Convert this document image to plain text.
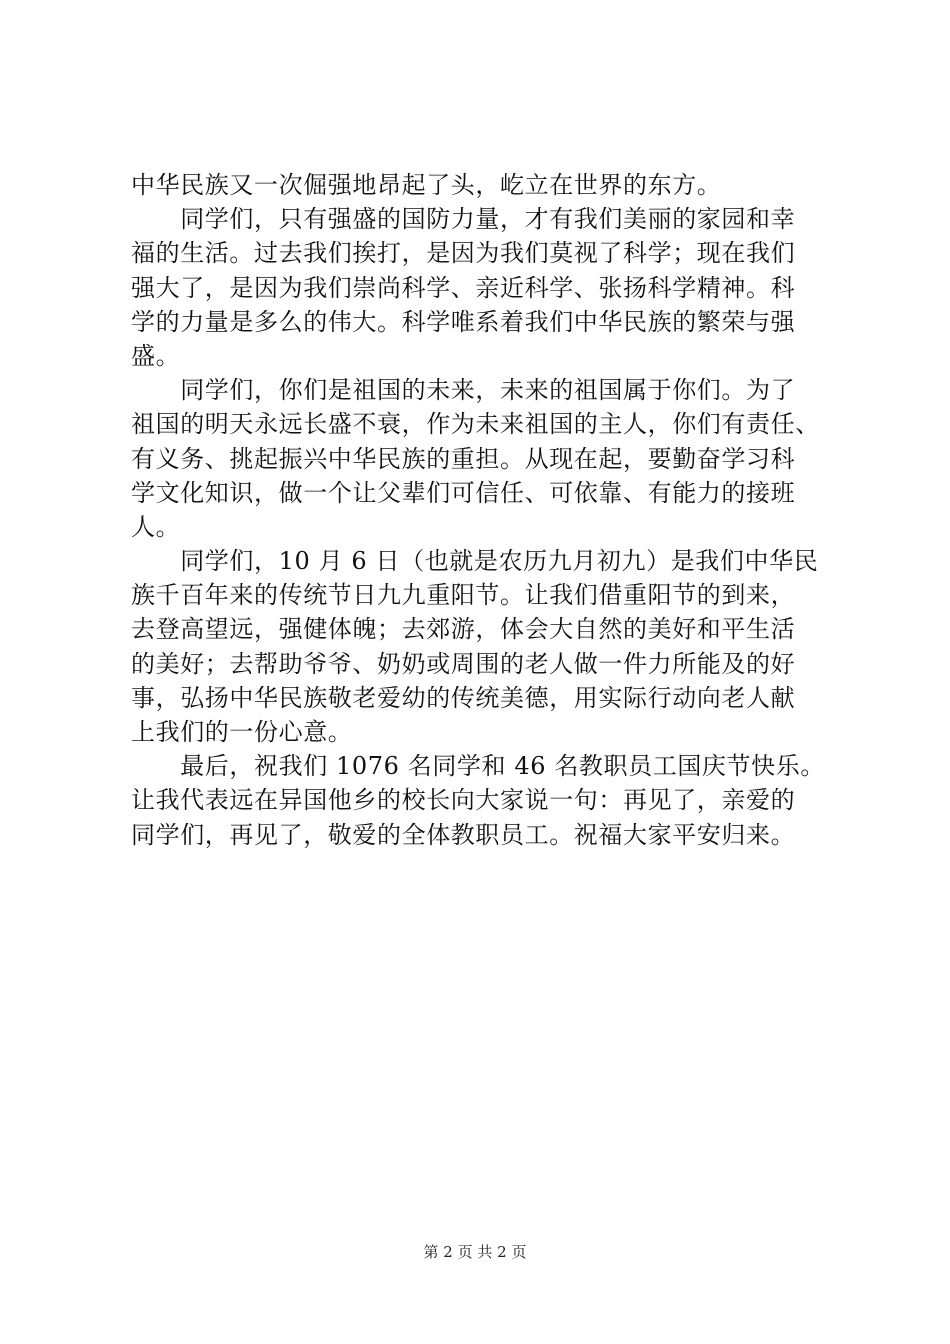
中华民族又一次倔强地昂起了头，屹立在世界的东方。
　　同学们，只有强盛的国防力量，才有我们美丽的家园和幸
福的生活。过去我们挨打，是因为我们莫视了科学；现在我们
强大了，是因为我们崇尚科学、亲近科学、张扬科学精神。科
学的力量是多么的伟大。科学唯系着我们中华民族的繁荣与强
盛。
　　同学们，你们是祖国的未来，未来的祖国属于你们。为了
祖国的明天永远长盛不衰，作为未来祖国的主人，你们有责任、
有义务、挑起振兴中华民族的重担。从现在起，要勤奋学习科
学文化知识，做一个让父辈们可信任、可依靠、有能力的接班
人。
　　同学们，10 月 6 日（也就是农历九月初九）是我们中华民
族千百年来的传统节日九九重阳节。让我们借重阳节的到来，
去登高望远，强健体魄；去郊游，体会大自然的美好和平生活
的美好；去帮助爷爷、奶奶或周围的老人做一件力所能及的好
事，弘扬中华民族敬老爱幼的传统美德，用实际行动向老人献
上我们的一份心意。
　　最后，祝我们 1076 名同学和 46 名教职员工国庆节快乐。
让我代表远在异国他乡的校长向大家说一句：再见了，亲爱的
同学们，再见了，敬爱的全体教职员工。祝福大家平安归来。
第 2 页 共 2 页
